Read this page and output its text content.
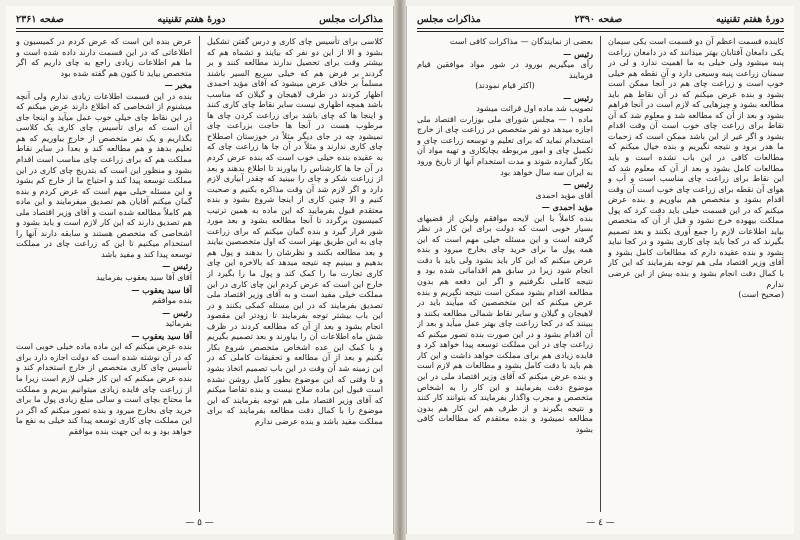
مذاکرات مجلس
دورهٔ هفتم تقنینیه
صفحه ۲۳۶۱

کلاسی برای تأسیس چای کاری و درس گفتن تشکیل بشود و الا از این دو نفر که بیایند و تشماه هم که بیشتر وقت برای تحصیل ندارند مطالعه کنند و بر گردند بر فرض هم که خیلی سریع السیر باشند مسلماً بر خلاف عرض میشود که آقای مؤید احمدی اظهار کردند در طرف لاهیجان و گیلان که مناسب باشد همچه اظهاری نیست سایر نقاط چای کاری کنند و اینجا ها که چای باشد برای زراعت کردن چای ها مرطوب هست در آنجا ها حاجت بزراعت چای نمیشود چه در جای دیگر مثلاً در خوزستان اصطلاح چای کاری ندارند و مثلاً در آن جا ها زراعت چای که به عقیده بنده خیلی خوب است که بنده عرض کردم در آن جا ها کارشناس را بیاورند تا اطلاع بدهند و بعد از زراعت شکر و چای را ببینید که چقدر آبیاری لازم دارد و اگر لازم شد آن وقت مذاکره بکنیم و صحبت کنیم و الا چنین کاری از اینجا شروع بشود و بنده معتقدم قبول بفرمایید که این ماده به همین ترتیب کمیسیون برگردد تا آنجا مطالعه بشود و بعد مورد شور قرار گیرد و بنده گمان میکنم که برای زراعت چای به این طریق بهتر است که اول متخصصین بیایند و بعد مطالعه بکنند و نظرشان را بدهند و پول هم بدهیم و ببینیم چه نتیجه میدهد که بالاخره این چای کاری تجارت ما را کمک کند و پول ما را بگیرد از خارج این است که عرض کردم این چای کاری در این مملکت خیلی مفید است و به آقای وزیر اقتصاد ملی تصدیق بفرمایند که در این مسئله کمکی بکنند و در این باب بیشتر توجه بفرمایند تا زودتر این مقصود انجام بشود و بعد از آن که مطالعه کردند در ظرف شش ماه اطلاعات آن را بیاورند و بعد تصمیم بگیریم و با کمک این عده اشخاص متخصص شروع بکار بکنیم و بعد از آن مطالعه و تحقیقات کاملی که در این زمینه شد آن وقت در این باب تصمیم اتخاذ بشود و تا وقتی که این موضوع بطور کامل روشن نشده است قبول این ماده صلاح نیست و بنده تقاضا میکنم که آقای وزیر اقتصاد ملی هم توجه بفرمایند که این موضوع را با کمال دقت مطالعه بفرمایند که برای مملکت مفید باشد و بنده عرضی ندارم

عرض بنده این است که عرض کردم در کمیسیون و اطلاعاتی که در این قسمت دارند داده شده است و ما هم اطلاعات زیادی راجع به چای داریم که اگر متخصص بیاید تا کنون هم گفته شده بود

مخبر —
بنده در این قسمت اطلاعات زیادی ندارم ولی آنچه میشنوم از اشخاصی که اطلاع دارند عرض میکنم که در این نقاط چای خیلی خوب عمل میآید و اینجا جای آن است که برای تأسیس چای کاری یک کلاسی بگذاریم و یک نفر متخصص از خارج بیاوریم که هم تعلیم بدهد و هم مطالعه کند و بعداً در سایر نقاط مملکت هم که برای زراعت چای مناسب است اقدام بشود و منظور این است که بتدریج چای کاری در این مملکت توسعه پیدا کند و احتیاج ما از خارج کم بشود و این مسئله خیلی مهم است که عرض کردم و بنده گمان میکنم آقایان هم تصدیق میفرمایند و این ماده هم کاملاً مطالعه شده است و آقای وزیر اقتصاد ملی هم تصدیق دارند که این کار لازم است و باید بشود و اشخاصی که متخصص هستند و سابقه دارند آنها را استخدام میکنیم تا این که زراعت چای در مملکت توسعه پیدا کند و مفید باشد

رئیس —
آقای آقا سید یعقوب بفرمایید

آقا سید یعقوب —
بنده موافقم

رئیس —
بفرمائید

آقا سید یعقوب —
بنده عرض میکنم که این ماده ماده خیلی خوبی است که در آن نوشته شده است که دولت اجازه دارد برای تأسیس چای کاری متخصص از خارج استخدام کند و بنده عرض میکنم که این کار خیلی لازم است زیرا ما از زراعت چای فایده زیادی میتوانیم ببریم و مملکت ما محتاج بچای است و سالی مبلغ زیادی پول ما برای خرید چای بخارج میرود و بنده تصور میکنم که اگر در این مملکت چای کاری توسعه پیدا کند خیلی به نفع ما خواهد بود و به این جهت بنده موافقم

— ٥ —
دورهٔ هفتم تقنینیه
صفحه ۲۳۹۰
مذاکرات مجلس

کاینده قسمت اعظم آن دو قسمت است یکی سیمان یکی دامغان آفتابان بهتر میدانند که در دامغان زراعت پنبه میشود ولی خیلی به ما اهمیت ندارد و لی در سمنان زراعت پنبه وسیعی دارد و آن نقطه هم خیلی خوب است و زراعت چای هم در آنجا ممکن است بشود و بنده عرض میکنم که در آن نقاط هم باید مطالعه بشود و چیزهایی که لازم است در آنجا فراهم بشود و بعد از آن که مطالعه شد و معلوم شد که آن نقاط برای زراعت چای خوب است آن وقت اقدام بشود و اگر غیر از این باشد ممکن است که زحمات ما هدر برود و نتیجه نگیریم و بنده خیال میکنم که مطالعات کافی در این باب نشده است و باید مطالعات کامل بشود و بعد از آن که معلوم شد که این نقاط برای زراعت چای مناسب است و آب و هوای آن نقطه برای زراعت چای خوب است آن وقت اقدام بشود و متخصص هم بیاوریم و بنده عرض میکنم که در این قسمت خیلی باید دقت کرد که پول مملکت بیهوده خرج نشود و قبل از آن که متخصص بیاید اطلاعات لازم را جمع آوری بکنند و بعد تصمیم بگیرند که در کجا باید چای کاری بشود و در کجا نباید بشود و بنده عقیده دارم که مطالعات کامل بشود و آقای وزیر اقتصاد ملی هم توجه بفرمایند که این کار با کمال دقت انجام بشود و بنده بیش از این عرضی ندارم

(صحیح است)

بعضی از نمایندگان — مذاکرات کافی است

رئیس —
رأی میگیریم بورود در شور مواد موافقین قیام فرمایند

(اکثر قیام نمودند)

رئیس —
تصویب شد ماده اول قرائت میشود

ماده ۱ — مجلس شورای ملی بوزارت اقتصاد ملی اجازه میدهد دو نفر متخصص در زراعت چای از خارج استخدام نماید که برای تعلیم و توسعه زراعت چای و تکمیل چای و امور مربوطه بچایکاری و تهیه مواد آن بکار گمارده شوند و مدت استخدام آنها از تاریخ ورود به ایران سه سال خواهد بود

رئیس —
آقای مؤید احمدی

مؤید احمدی —
بنده کاملاً با این لایحه موافقم ولیکن از قضیهای بسیار خوبی است که دولت برای این کار در نظر گرفته است و این مسئله خیلی مهم است که این همه پول ما برای خرید چای بخارج میرود و بنده عرض میکنم که این کار باید بشود ولی باید با دقت انجام شود زیرا در سابق هم اقداماتی شده بود و نتیجه کاملی نگرفتیم و اگر این دفعه هم بدون مطالعه اقدام بشود ممکن است نتیجه نگیریم و بنده عرض میکنم که این متخصصین که میآیند باید در لاهیجان و گیلان و سایر نقاط شمالی مطالعه بکنند و ببینند که در کجا زراعت چای بهتر عمل میآید و بعد از آن اقدام بشود و در این صورت بنده تصور میکنم که زراعت چای در این مملکت توسعه پیدا خواهد کرد و فایده زیادی هم برای مملکت خواهد داشت و این کار هم باید با دقت کامل بشود و مطالعات هم لازم است و بنده عرض میکنم که آقای وزیر اقتصاد ملی در این موضوع دقت بفرمایند و این کار را به اشخاص متخصص و مجرب واگذار بفرمایند که بتوانند کار کنند و نتیجه بگیرند و از طرف هم این کار هم بدون مطالعه نمیشود و بنده معتقدم که مطالعات کافی بشود

— ٤ —
